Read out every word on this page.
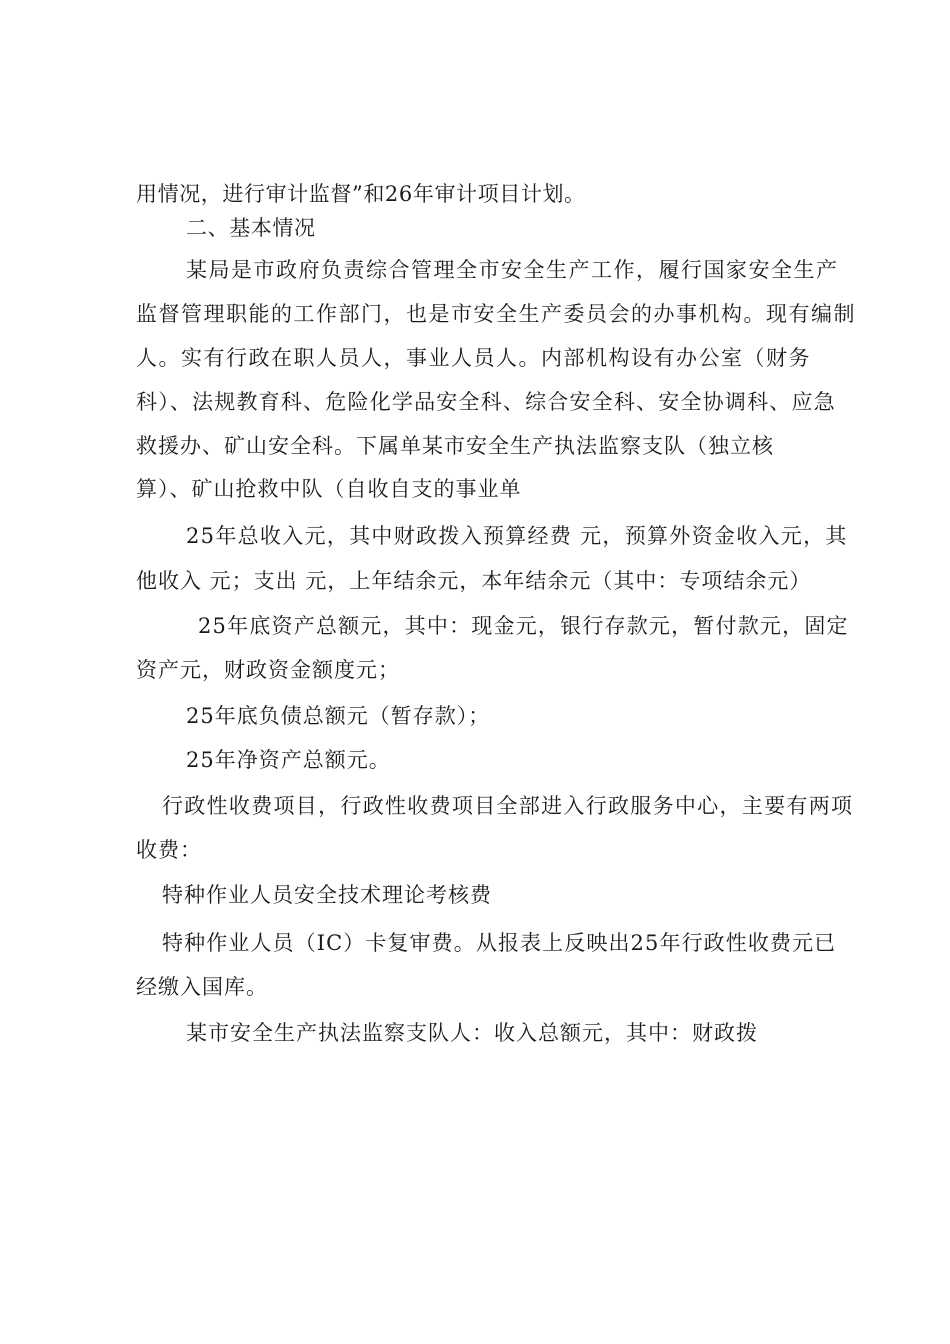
用情况，进行审计监督”和26年审计项目计划。
二、基本情况
某局是市政府负责综合管理全市安全生产工作，履行国家安全生产
监督管理职能的工作部门，也是市安全生产委员会的办事机构。现有编制
人。实有行政在职人员人，事业人员人。内部机构设有办公室（财务
科）、法规教育科、危险化学品安全科、综合安全科、安全协调科、应急
救援办、矿山安全科。下属单某市安全生产执法监察支队（独立核
算）、矿山抢救中队（自收自支的事业单
25年总收入元，其中财政拨入预算经费 元，预算外资金收入元，其
他收入 元；支出 元，上年结余元，本年结余元（其中：专项结余元）
25年底资产总额元，其中：现金元，银行存款元，暂付款元，固定
资产元，财政资金额度元；
25年底负债总额元（暂存款）；
25年净资产总额元。
行政性收费项目，行政性收费项目全部进入行政服务中心，主要有两项
收费：
特种作业人员安全技术理论考核费
特种作业人员（IC）卡复审费。从报表上反映出25年行政性收费元已
经缴入国库。
某市安全生产执法监察支队人：收入总额元，其中：财政拨
